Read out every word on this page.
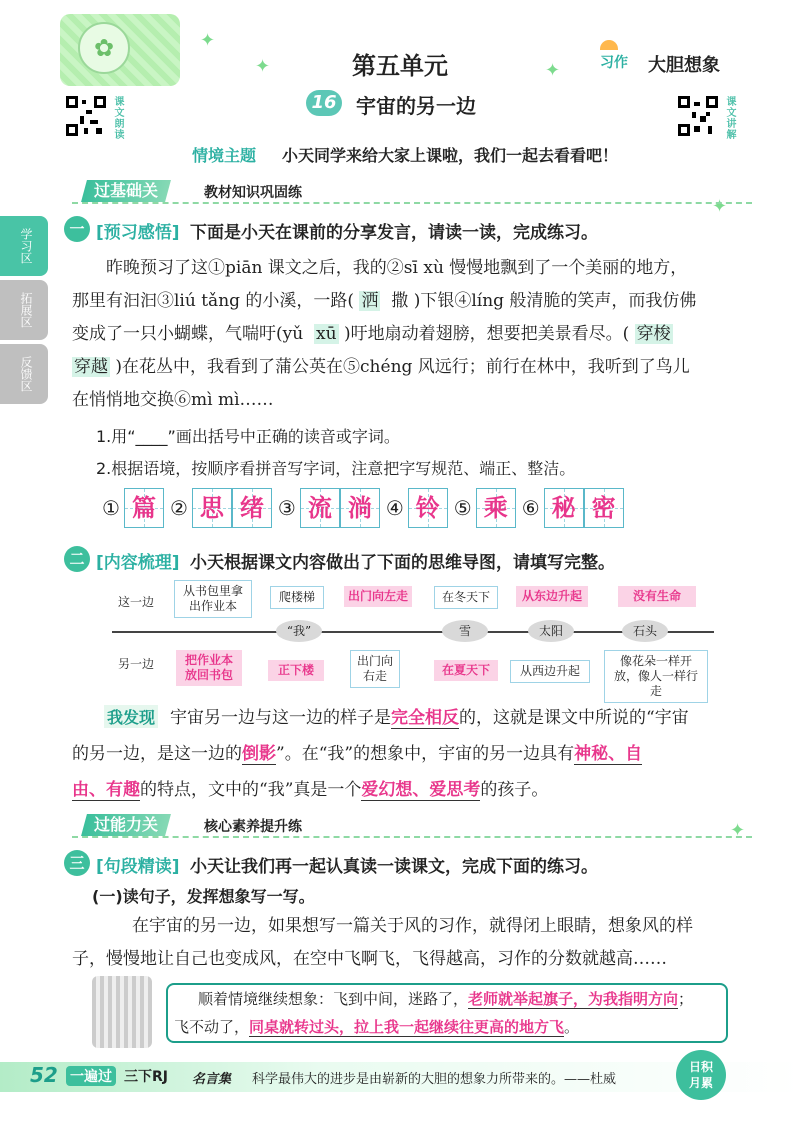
✿
课文朗读	课文讲解
第五单元
16 宇宙的另一边
习作 大胆想象
✦
✦	✦
✦
✦
情境主题 小天同学来给大家上课啦，我们一起去看看吧！
学习区
拓展区
反馈区
过基础关	教材知识巩固练
一 [预习感悟] 下面是小天在课前的分享发言，请读一读，完成练习。
昨晚预习了这①piān 课文之后，我的②sī xù 慢慢地飘到了一个美丽的地方，
那里有汩汩③liú tǎng 的小溪，一路( 洒 撒 )下银④líng 般清脆的笑声，而我仿佛
变成了一只小蝴蝶，气喘吁(yǔ xū )吁地扇动着翅膀，想要把美景看尽。( 穿梭
穿越 )在花丛中，我看到了蒲公英在⑤chéng 风远行；前行在林中，我听到了鸟儿
在悄悄地交换⑥mì mì……
1.用“____”画出括号中正确的读音或字词。
2.根据语境，按顺序看拼音写字词，注意把字写规范、端正、整洁。
① 篇 ② 思 绪 ③ 流 淌 ④ 铃 ⑤ 乘 ⑥ 秘 密
二 [内容梳理] 小天根据课文内容做出了下面的思维导图，请填写完整。
这一边
另一边
“我”	雪	太阳	石头
从书包里拿出作业本
爬楼梯	出门向左走	在冬天下	从东边升起	没有生命
把作业本放回书包	正下楼
出门向右走	在夏天下	从西边升起
像花朵一样开放，像人一样行走
我发现 宇宙另一边与这一边的样子是完全相反的，这就是课文中所说的“宇宙
的另一边，是这一边的倒影”。在“我”的想象中，宇宙的另一边具有神秘、自
由、有趣的特点，文中的“我”真是一个爱幻想、爱思考的孩子。
过能力关	核心素养提升练
三 [句段精读] 小天让我们再一起认真读一读课文，完成下面的练习。
(一)读句子，发挥想象写一写。
在宇宙的另一边，如果想写一篇关于风的习作，就得闭上眼睛，想象风的样
子，慢慢地让自己也变成风，在空中飞啊飞，飞得越高，习作的分数就越高……
顺着情境继续想象：飞到中间，迷路了，老师就举起旗子，为我指明方向；
飞不动了，同桌就转过头，拉上我一起继续往更高的地方飞。
52 一遍过 三下RJ 名言集 科学最伟大的进步是由崭新的大胆的想象力所带来的。——杜威
日积月累
